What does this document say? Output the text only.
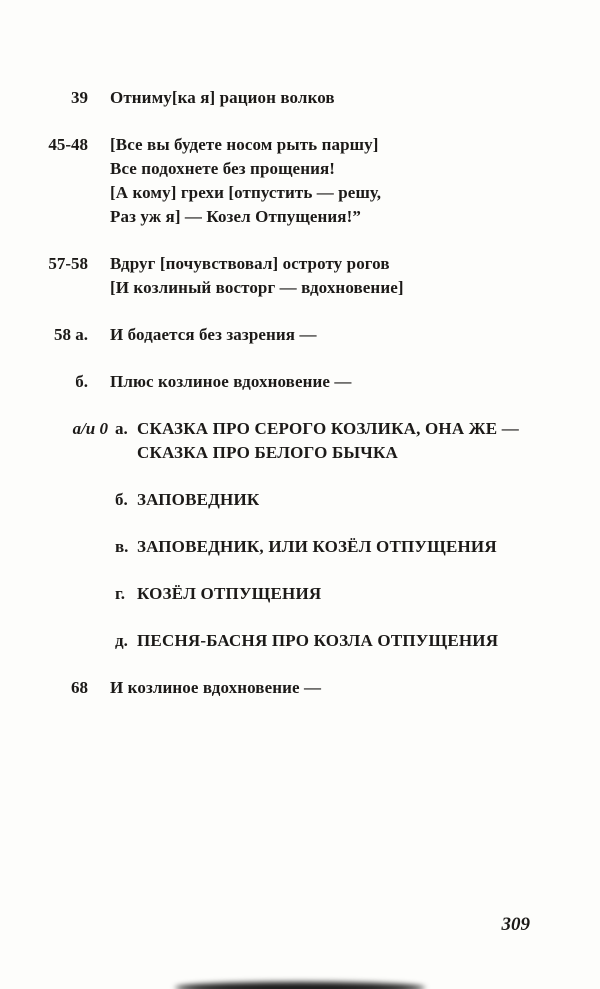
39 Отниму[ка я] рацион волков
45-48 [Все вы будете носом рыть паршу]
Все подохнете без прощения!
[А кому] грехи [отпустить — решу,
Раз уж я] — Козел Отпущения!”
57-58 Вдруг [почувствовал] остроту рогов
[И козлиный восторг — вдохновение]
58 а. И бодается без зазрения —
б. Плюс козлиное вдохновение —
а/и 0 а. СКАЗКА ПРО СЕРОГО КОЗЛИКА, ОНА ЖЕ —
СКАЗКА ПРО БЕЛОГО БЫЧКА
б. ЗАПОВЕДНИК
в. ЗАПОВЕДНИК, ИЛИ КОЗЁЛ ОТПУЩЕНИЯ
г. КОЗЁЛ ОТПУЩЕНИЯ
д. ПЕСНЯ-БАСНЯ ПРО КОЗЛА ОТПУЩЕНИЯ
68 И козлиное вдохновение —
309
